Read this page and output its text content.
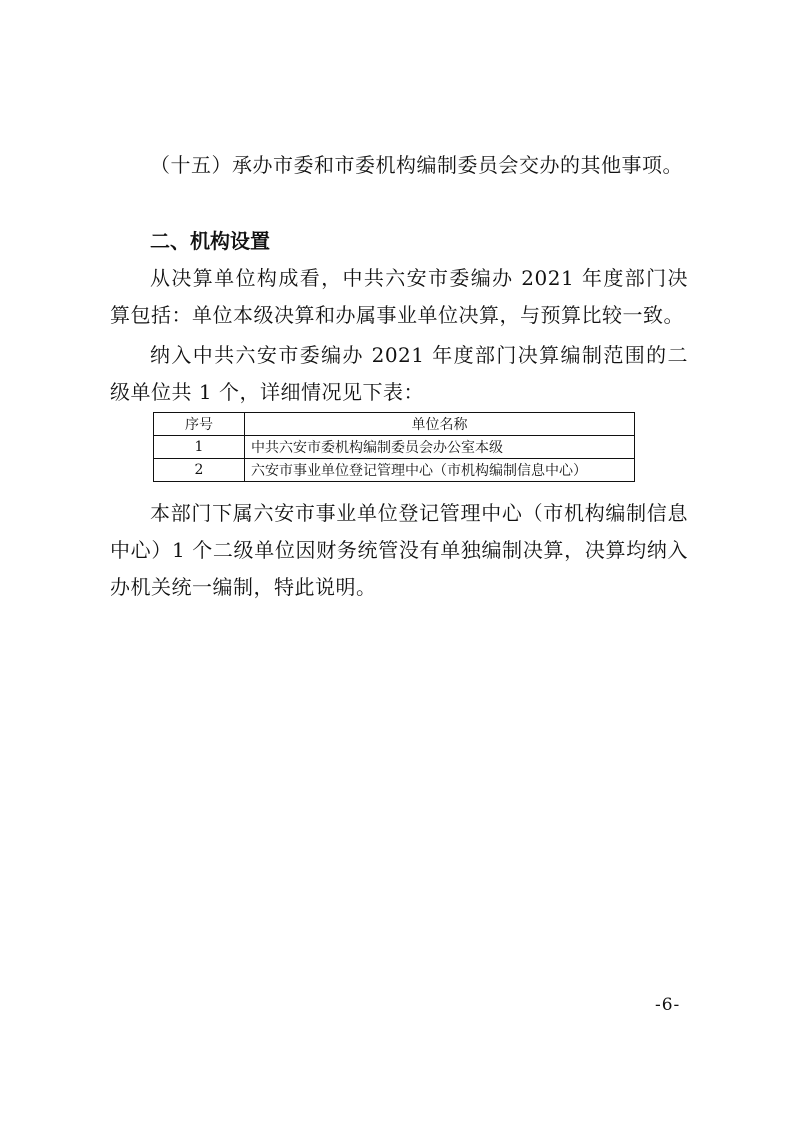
（十五）承办市委和市委机构编制委员会交办的其他事项。

二、机构设置

从决算单位构成看，中共六安市委编办 2021 年度部门决算包括：单位本级决算和办属事业单位决算，与预算比较一致。

纳入中共六安市委编办 2021 年度部门决算编制范围的二级单位共 1 个，详细情况见下表：

序号	单位名称
1	中共六安市委机构编制委员会办公室本级
2	六安市事业单位登记管理中心（市机构编制信息中心）

本部门下属六安市事业单位登记管理中心（市机构编制信息中心）1 个二级单位因财务统管没有单独编制决算，决算均纳入办机关统一编制，特此说明。

-6-
